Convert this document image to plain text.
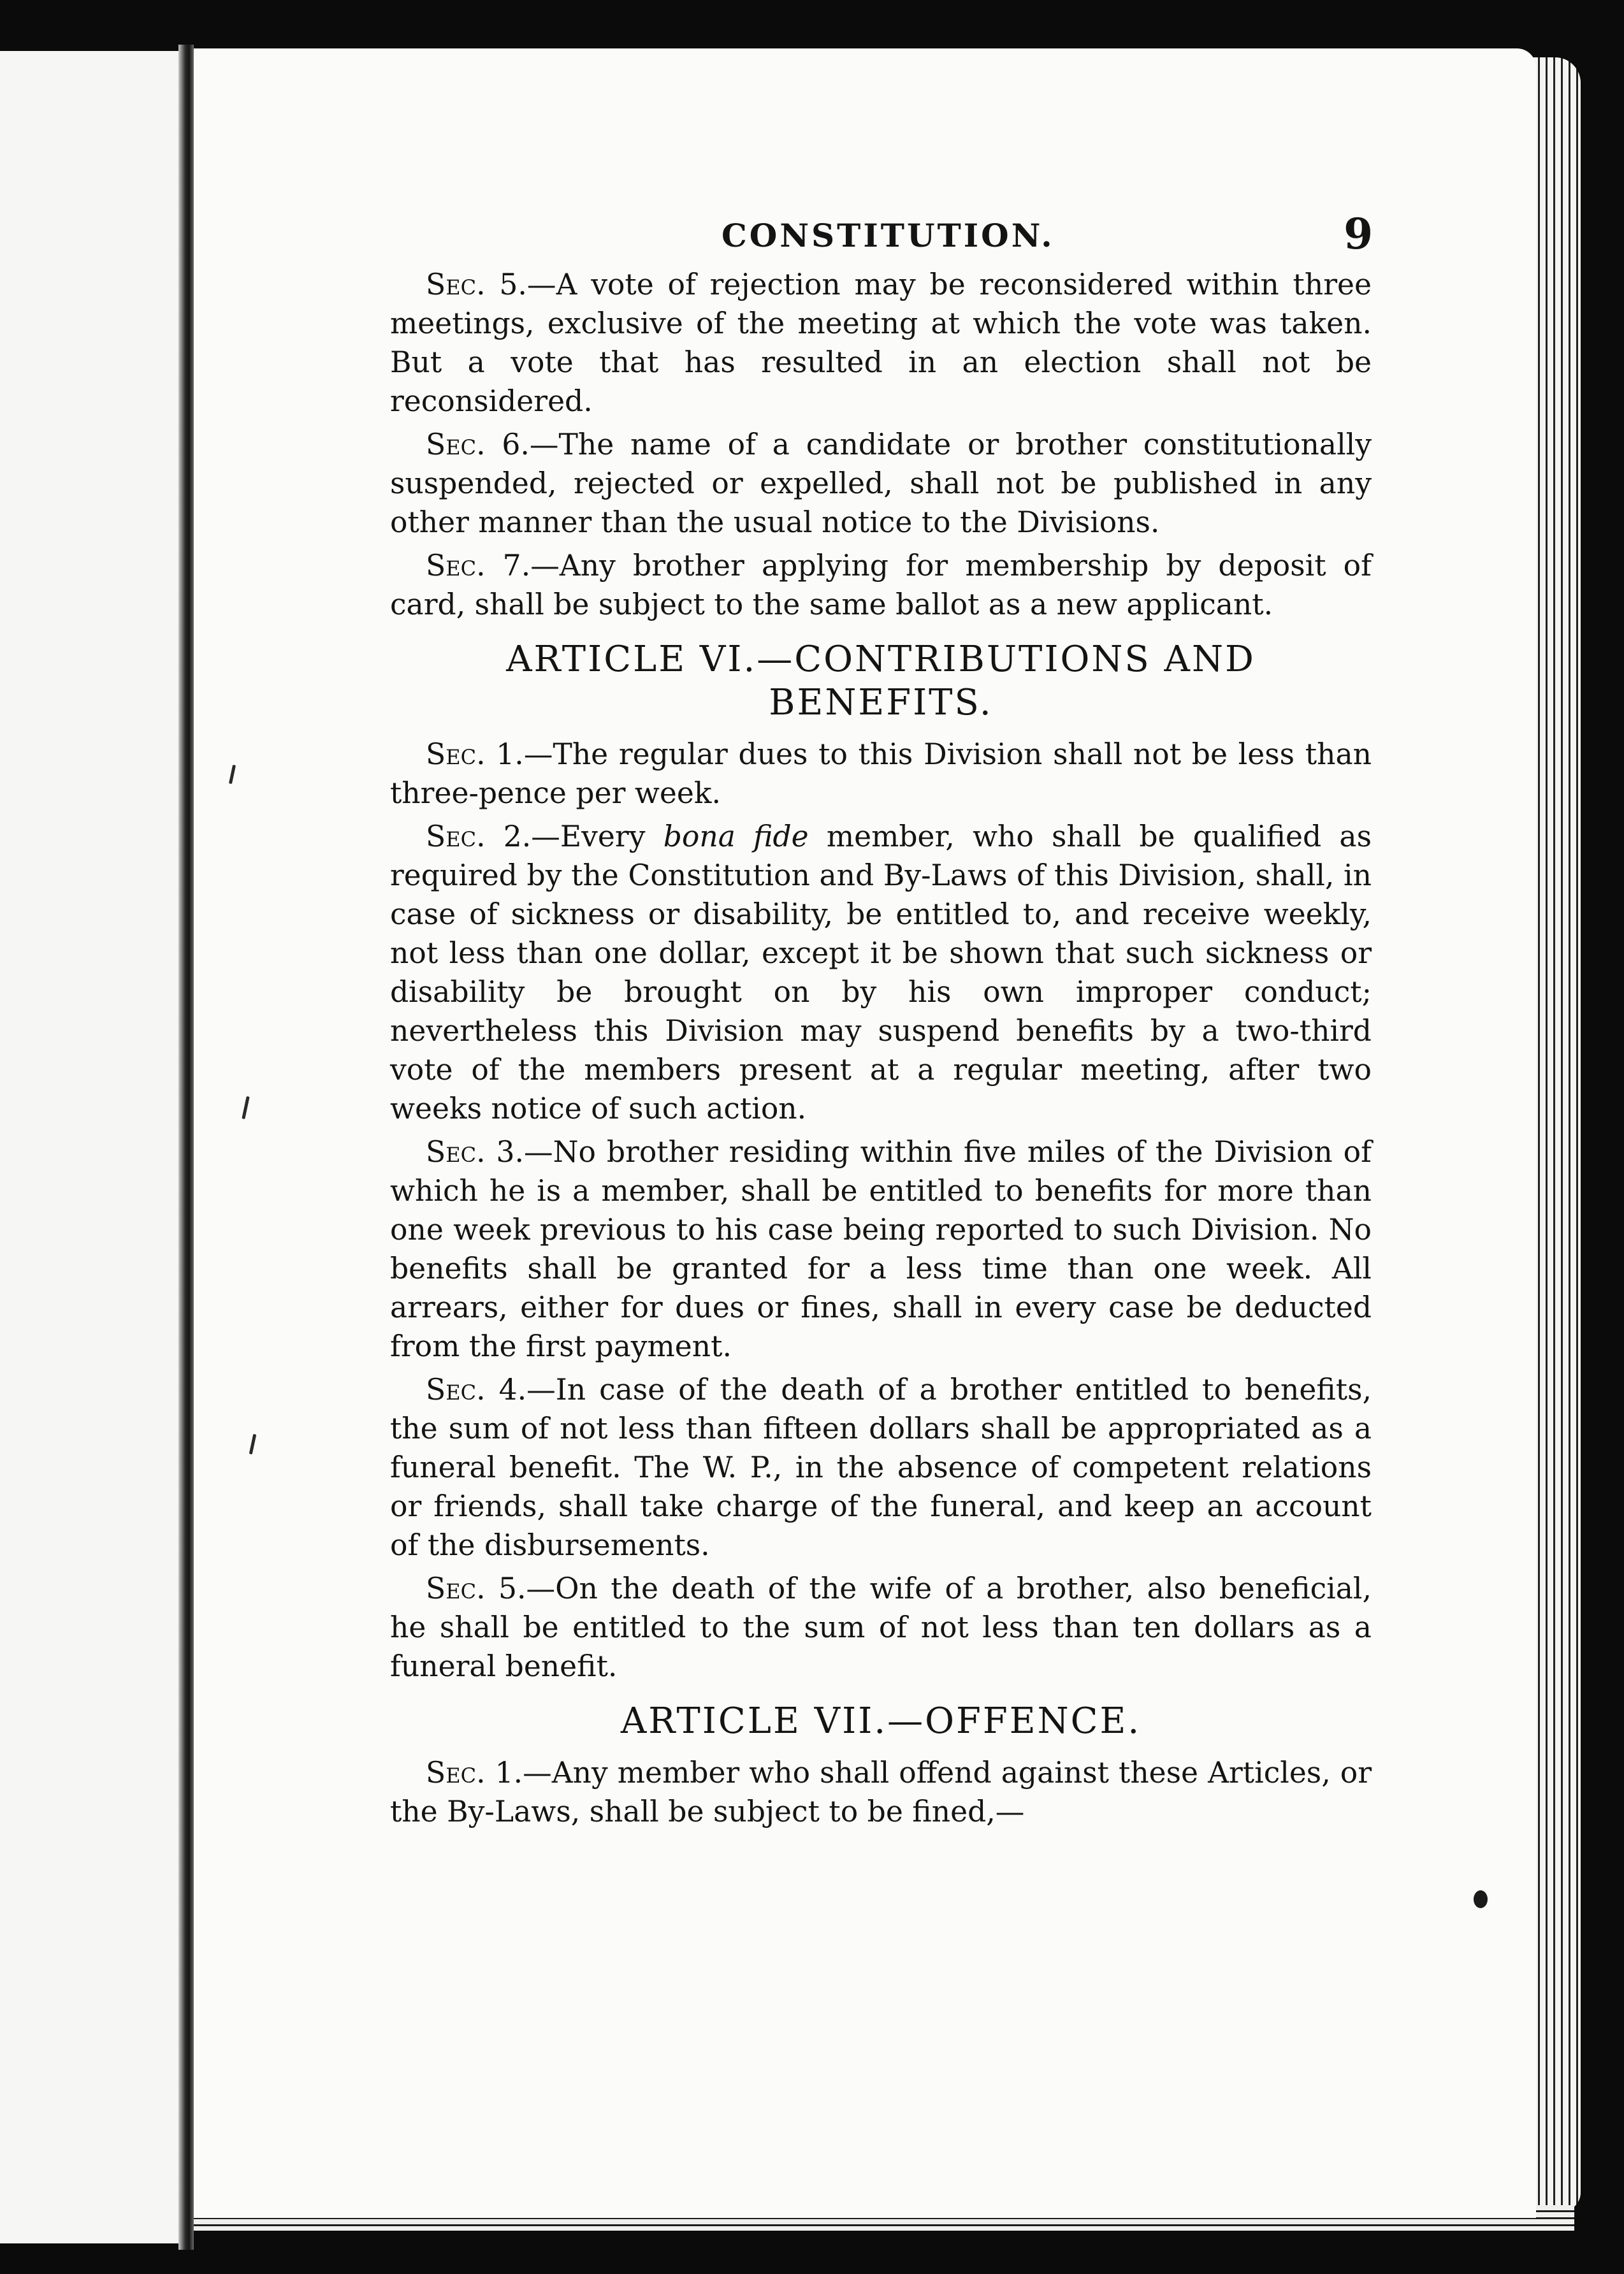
CONSTITUTION.	9

Sec. 5.—A vote of rejection may be reconsidered within three meetings, exclusive of the meeting at which the vote was taken. But a vote that has resulted in an election shall not be reconsidered.

Sec. 6.—The name of a candidate or brother constitutionally suspended, rejected or expelled, shall not be published in any other manner than the usual notice to the Divisions.

Sec. 7.—Any brother applying for membership by deposit of card, shall be subject to the same ballot as a new applicant.

ARTICLE VI.—CONTRIBUTIONS AND BENEFITS.

Sec. 1.—The regular dues to this Division shall not be less than three-pence per week.

Sec. 2.—Every bona fide member, who shall be qualified as required by the Constitution and By-Laws of this Division, shall, in case of sickness or disability, be entitled to, and receive weekly, not less than one dollar, except it be shown that such sickness or disability be brought on by his own improper conduct; nevertheless this Division may suspend benefits by a two-third vote of the members present at a regular meeting, after two weeks notice of such action.

Sec. 3.—No brother residing within five miles of the Division of which he is a member, shall be entitled to benefits for more than one week previous to his case being reported to such Division. No benefits shall be granted for a less time than one week. All arrears, either for dues or fines, shall in every case be deducted from the first payment.

Sec. 4.—In case of the death of a brother entitled to benefits, the sum of not less than fifteen dollars shall be appropriated as a funeral benefit. The W. P., in the absence of competent relations or friends, shall take charge of the funeral, and keep an account of the disbursements.

Sec. 5.—On the death of the wife of a brother, also beneficial, he shall be entitled to the sum of not less than ten dollars as a funeral benefit.

ARTICLE VII.—OFFENCE.

Sec. 1.—Any member who shall offend against these Articles, or the By-Laws, shall be subject to be fined,—
